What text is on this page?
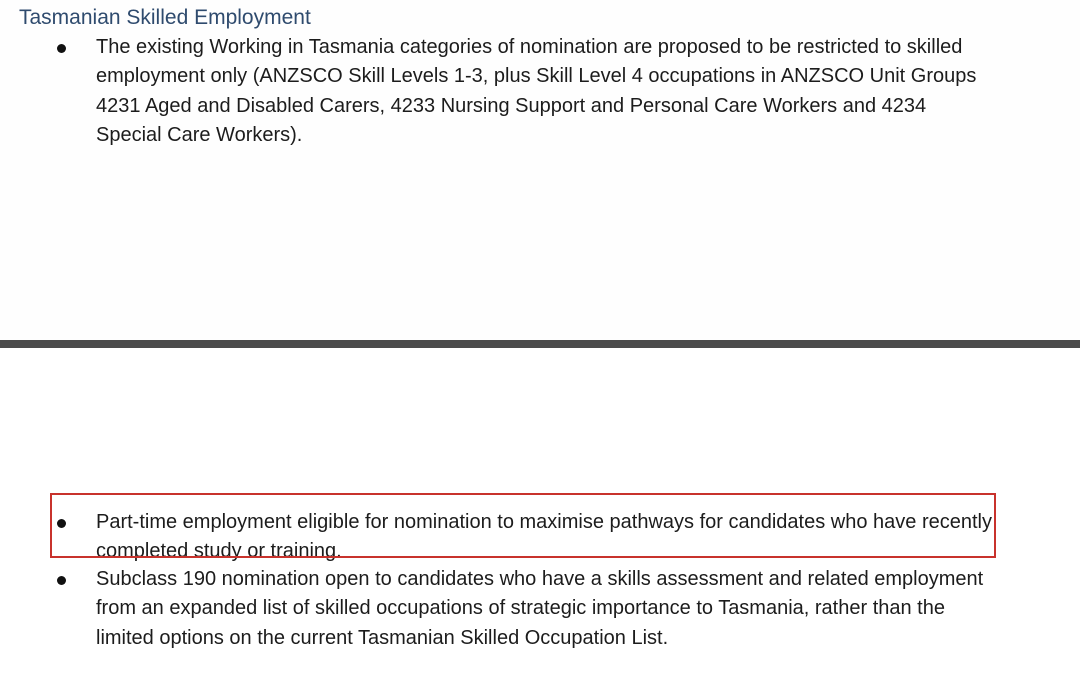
Tasmanian Skilled Employment

The existing Working in Tasmania categories of nomination are proposed to be restricted to skilled employment only (ANZSCO Skill Levels 1-3, plus Skill Level 4 occupations in ANZSCO Unit Groups 4231 Aged and Disabled Carers, 4233 Nursing Support and Personal Care Workers and 4234 Special Care Workers).

Part-time employment eligible for nomination to maximise pathways for candidates who have recently completed study or training.

Subclass 190 nomination open to candidates who have a skills assessment and related employment from an expanded list of skilled occupations of strategic importance to Tasmania, rather than the limited options on the current Tasmanian Skilled Occupation List.
